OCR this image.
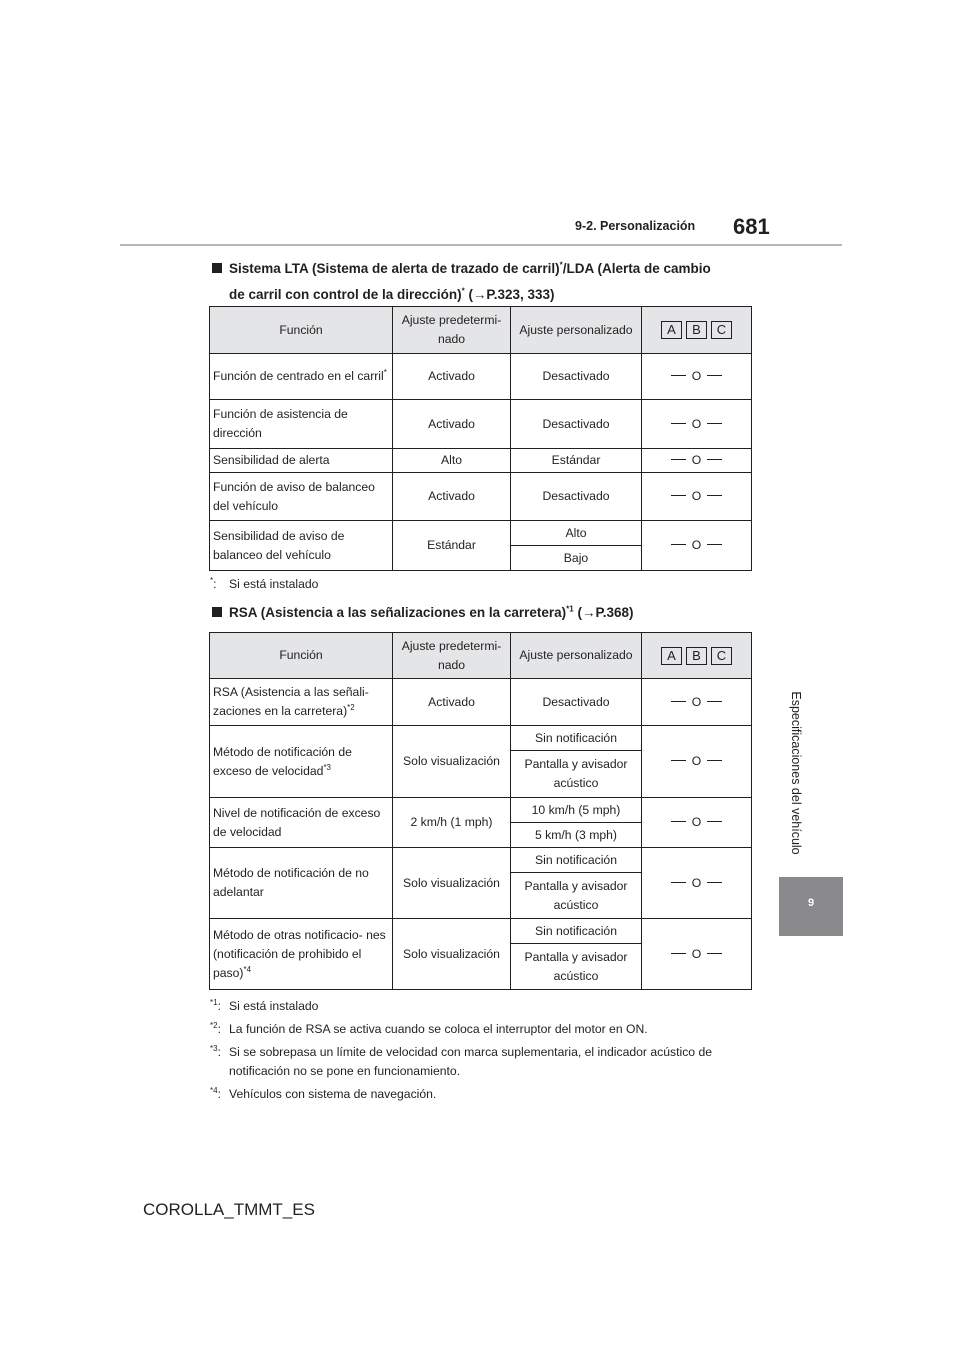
9-2. Personalización 681
Especificaciones del vehículo
9
Sistema LTA (Sistema de alerta de trazado de carril)*/LDA (Alerta de cambio
de carril con control de la dirección)* (→P.323, 333)
Función	Ajuste predetermi- nado	Ajuste personalizado	A B C
Función de centrado en el carril*	Activado	Desactivado	O
Función de asistencia de dirección	Activado	Desactivado	O
Sensibilidad de alerta	Alto	Estándar	O
Función de aviso de balanceo del vehículo	Activado	Desactivado	O
Sensibilidad de aviso de balanceo del vehículo	Estándar	Alto	O
		Bajo	
*: Si está instalado
RSA (Asistencia a las señalizaciones en la carretera)$^{*1}$ (→P.368)
Función	Ajuste predetermi- nado	Ajuste personalizado	A B C
RSA (Asistencia a las señali- zaciones en la carretera)$^{*2}$	Activado	Desactivado	O
Método de notificación de exceso de velocidad$^{*3}$	Solo visualización	Sin notificación	O
		Pantalla y avisador acústico	
Nivel de notificación de exceso de velocidad	2 km/h (1 mph)	10 km/h (5 mph)	O
		5 km/h (3 mph)	
Método de notificación de no adelantar	Solo visualización	Sin notificación	O
		Pantalla y avisador acústico	
Método de otras notificacio- nes (notificación de prohibido el paso)$^{*4}$	Solo visualización	Sin notificación	O
		Pantalla y avisador acústico	
$^{*1}$: Si está instalado
$^{*2}$: La función de RSA se activa cuando se coloca el interruptor del motor en ON.
$^{*3}$: Si se sobrepasa un límite de velocidad con marca suplementaria, el indicador acústico de notificación no se pone en funcionamiento.
$^{*4}$: Vehículos con sistema de navegación.
COROLLA_TMMT_ES
